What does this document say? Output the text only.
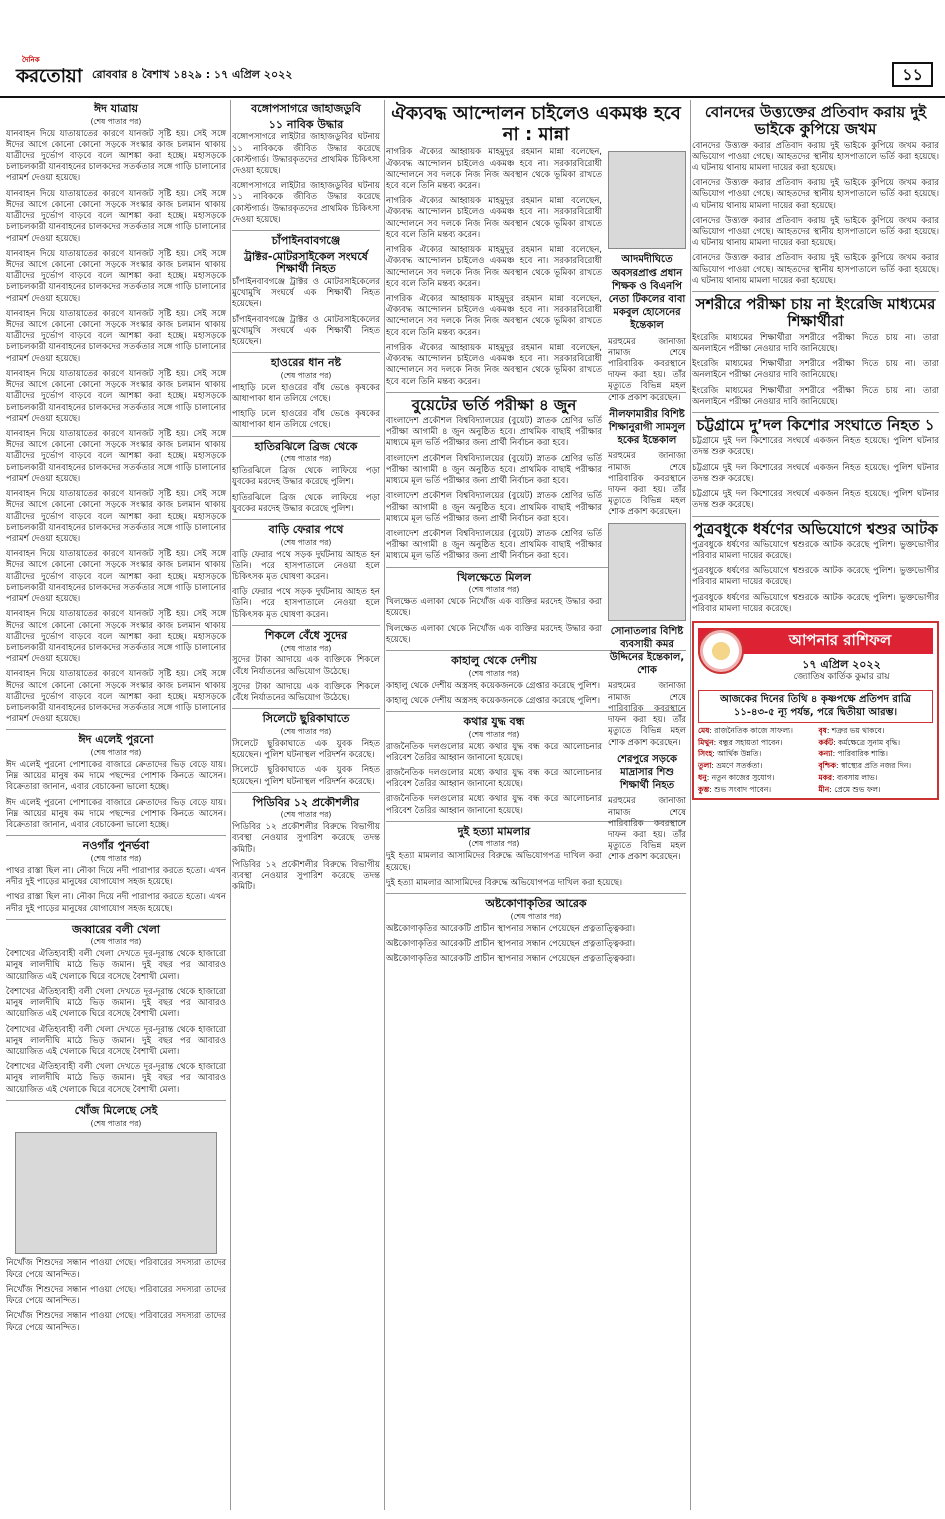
দৈনিক
করতোয়া রোববার ৪ বৈশাখ ১৪২৯ : ১৭ এপ্রিল ২০২২	১১
ঈদ যাত্রায়
(শেষ পাতার পর)

যানবাহন দিয়ে যাতায়াতের কারণে যানজট সৃষ্টি হয়। সেই সঙ্গে ঈদের আগে কোনো কোনো সড়কে সংস্কার কাজ চলমান থাকায় যাত্রীদের দুর্ভোগ বাড়বে বলে আশঙ্কা করা হচ্ছে। মহাসড়কে চলাচলকারী যানবাহনের চালকদের সতর্কতার সঙ্গে গাড়ি চালানোর পরামর্শ দেওয়া হয়েছে।

যানবাহন দিয়ে যাতায়াতের কারণে যানজট সৃষ্টি হয়। সেই সঙ্গে ঈদের আগে কোনো কোনো সড়কে সংস্কার কাজ চলমান থাকায় যাত্রীদের দুর্ভোগ বাড়বে বলে আশঙ্কা করা হচ্ছে। মহাসড়কে চলাচলকারী যানবাহনের চালকদের সতর্কতার সঙ্গে গাড়ি চালানোর পরামর্শ দেওয়া হয়েছে।

যানবাহন দিয়ে যাতায়াতের কারণে যানজট সৃষ্টি হয়। সেই সঙ্গে ঈদের আগে কোনো কোনো সড়কে সংস্কার কাজ চলমান থাকায় যাত্রীদের দুর্ভোগ বাড়বে বলে আশঙ্কা করা হচ্ছে। মহাসড়কে চলাচলকারী যানবাহনের চালকদের সতর্কতার সঙ্গে গাড়ি চালানোর পরামর্শ দেওয়া হয়েছে।

যানবাহন দিয়ে যাতায়াতের কারণে যানজট সৃষ্টি হয়। সেই সঙ্গে ঈদের আগে কোনো কোনো সড়কে সংস্কার কাজ চলমান থাকায় যাত্রীদের দুর্ভোগ বাড়বে বলে আশঙ্কা করা হচ্ছে। মহাসড়কে চলাচলকারী যানবাহনের চালকদের সতর্কতার সঙ্গে গাড়ি চালানোর পরামর্শ দেওয়া হয়েছে।

যানবাহন দিয়ে যাতায়াতের কারণে যানজট সৃষ্টি হয়। সেই সঙ্গে ঈদের আগে কোনো কোনো সড়কে সংস্কার কাজ চলমান থাকায় যাত্রীদের দুর্ভোগ বাড়বে বলে আশঙ্কা করা হচ্ছে। মহাসড়কে চলাচলকারী যানবাহনের চালকদের সতর্কতার সঙ্গে গাড়ি চালানোর পরামর্শ দেওয়া হয়েছে।

যানবাহন দিয়ে যাতায়াতের কারণে যানজট সৃষ্টি হয়। সেই সঙ্গে ঈদের আগে কোনো কোনো সড়কে সংস্কার কাজ চলমান থাকায় যাত্রীদের দুর্ভোগ বাড়বে বলে আশঙ্কা করা হচ্ছে। মহাসড়কে চলাচলকারী যানবাহনের চালকদের সতর্কতার সঙ্গে গাড়ি চালানোর পরামর্শ দেওয়া হয়েছে।

যানবাহন দিয়ে যাতায়াতের কারণে যানজট সৃষ্টি হয়। সেই সঙ্গে ঈদের আগে কোনো কোনো সড়কে সংস্কার কাজ চলমান থাকায় যাত্রীদের দুর্ভোগ বাড়বে বলে আশঙ্কা করা হচ্ছে। মহাসড়কে চলাচলকারী যানবাহনের চালকদের সতর্কতার সঙ্গে গাড়ি চালানোর পরামর্শ দেওয়া হয়েছে।

যানবাহন দিয়ে যাতায়াতের কারণে যানজট সৃষ্টি হয়। সেই সঙ্গে ঈদের আগে কোনো কোনো সড়কে সংস্কার কাজ চলমান থাকায় যাত্রীদের দুর্ভোগ বাড়বে বলে আশঙ্কা করা হচ্ছে। মহাসড়কে চলাচলকারী যানবাহনের চালকদের সতর্কতার সঙ্গে গাড়ি চালানোর পরামর্শ দেওয়া হয়েছে।

যানবাহন দিয়ে যাতায়াতের কারণে যানজট সৃষ্টি হয়। সেই সঙ্গে ঈদের আগে কোনো কোনো সড়কে সংস্কার কাজ চলমান থাকায় যাত্রীদের দুর্ভোগ বাড়বে বলে আশঙ্কা করা হচ্ছে। মহাসড়কে চলাচলকারী যানবাহনের চালকদের সতর্কতার সঙ্গে গাড়ি চালানোর পরামর্শ দেওয়া হয়েছে।

যানবাহন দিয়ে যাতায়াতের কারণে যানজট সৃষ্টি হয়। সেই সঙ্গে ঈদের আগে কোনো কোনো সড়কে সংস্কার কাজ চলমান থাকায় যাত্রীদের দুর্ভোগ বাড়বে বলে আশঙ্কা করা হচ্ছে। মহাসড়কে চলাচলকারী যানবাহনের চালকদের সতর্কতার সঙ্গে গাড়ি চালানোর পরামর্শ দেওয়া হয়েছে।

ঈদ এলেই পুরনো
(শেষ পাতার পর)

ঈদ এলেই পুরনো পোশাকের বাজারে ক্রেতাদের ভিড় বেড়ে যায়। নিম্ন আয়ের মানুষ কম দামে পছন্দের পোশাক কিনতে আসেন। বিক্রেতারা জানান, এবার বেচাকেনা ভালো হচ্ছে।

ঈদ এলেই পুরনো পোশাকের বাজারে ক্রেতাদের ভিড় বেড়ে যায়। নিম্ন আয়ের মানুষ কম দামে পছন্দের পোশাক কিনতে আসেন। বিক্রেতারা জানান, এবার বেচাকেনা ভালো হচ্ছে।

নওগাঁর পুনর্ভবা
(শেষ পাতার পর)

পাথর রাস্তা ছিল না। নৌকা দিয়ে নদী পারাপার করতে হতো। এখন নদীর দুই পাড়ের মানুষের যোগাযোগ সহজ হয়েছে।

পাথর রাস্তা ছিল না। নৌকা দিয়ে নদী পারাপার করতে হতো। এখন নদীর দুই পাড়ের মানুষের যোগাযোগ সহজ হয়েছে।

জব্বারের বলী খেলা
(শেষ পাতার পর)

বৈশাখের ঐতিহ্যবাহী বলী খেলা দেখতে দূর-দূরান্ত থেকে হাজারো মানুষ লালদীঘি মাঠে ভিড় জমান। দুই বছর পর আবারও আয়োজিত এই খেলাকে ঘিরে বসেছে বৈশাখী মেলা।

বৈশাখের ঐতিহ্যবাহী বলী খেলা দেখতে দূর-দূরান্ত থেকে হাজারো মানুষ লালদীঘি মাঠে ভিড় জমান। দুই বছর পর আবারও আয়োজিত এই খেলাকে ঘিরে বসেছে বৈশাখী মেলা।

বৈশাখের ঐতিহ্যবাহী বলী খেলা দেখতে দূর-দূরান্ত থেকে হাজারো মানুষ লালদীঘি মাঠে ভিড় জমান। দুই বছর পর আবারও আয়োজিত এই খেলাকে ঘিরে বসেছে বৈশাখী মেলা।

বৈশাখের ঐতিহ্যবাহী বলী খেলা দেখতে দূর-দূরান্ত থেকে হাজারো মানুষ লালদীঘি মাঠে ভিড় জমান। দুই বছর পর আবারও আয়োজিত এই খেলাকে ঘিরে বসেছে বৈশাখী মেলা।

খোঁজ মিলেছে সেই
(শেষ পাতার পর)

নিখোঁজ শিশুদের সন্ধান পাওয়া গেছে। পরিবারের সদস্যরা তাদের ফিরে পেয়ে আনন্দিত।

নিখোঁজ শিশুদের সন্ধান পাওয়া গেছে। পরিবারের সদস্যরা তাদের ফিরে পেয়ে আনন্দিত।

নিখোঁজ শিশুদের সন্ধান পাওয়া গেছে। পরিবারের সদস্যরা তাদের ফিরে পেয়ে আনন্দিত।

বঙ্গোপসাগরে জাহাজডুবি
১১ নাবিক উদ্ধার

বঙ্গোপসাগরে লাইটার জাহাজডুবির ঘটনায় ১১ নাবিককে জীবিত উদ্ধার করেছে কোস্টগার্ড। উদ্ধারকৃতদের প্রাথমিক চিকিৎসা দেওয়া হয়েছে।

বঙ্গোপসাগরে লাইটার জাহাজডুবির ঘটনায় ১১ নাবিককে জীবিত উদ্ধার করেছে কোস্টগার্ড। উদ্ধারকৃতদের প্রাথমিক চিকিৎসা দেওয়া হয়েছে।

চাঁপাইনবাবগঞ্জে
ট্রাক্টর-মোটরসাইকেল সংঘর্ষে শিক্ষার্থী নিহত

চাঁপাইনবাবগঞ্জে ট্রাক্টর ও মোটরসাইকেলের মুখোমুখি সংঘর্ষে এক শিক্ষার্থী নিহত হয়েছেন।

চাঁপাইনবাবগঞ্জে ট্রাক্টর ও মোটরসাইকেলের মুখোমুখি সংঘর্ষে এক শিক্ষার্থী নিহত হয়েছেন।

হাওরের ধান নষ্ট
(শেষ পাতার পর)

পাহাড়ি ঢলে হাওরের বাঁধ ভেঙে কৃষকের আধাপাকা ধান তলিয়ে গেছে।

পাহাড়ি ঢলে হাওরের বাঁধ ভেঙে কৃষকের আধাপাকা ধান তলিয়ে গেছে।

হাতিরঝিলে ব্রিজ থেকে
(শেষ পাতার পর)

হাতিরঝিলে ব্রিজ থেকে লাফিয়ে পড়া যুবকের মরদেহ উদ্ধার করেছে পুলিশ।

হাতিরঝিলে ব্রিজ থেকে লাফিয়ে পড়া যুবকের মরদেহ উদ্ধার করেছে পুলিশ।

বাড়ি ফেরার পথে
(শেষ পাতার পর)

বাড়ি ফেরার পথে সড়ক দুর্ঘটনায় আহত হন তিনি। পরে হাসপাতালে নেওয়া হলে চিকিৎসক মৃত ঘোষণা করেন।

বাড়ি ফেরার পথে সড়ক দুর্ঘটনায় আহত হন তিনি। পরে হাসপাতালে নেওয়া হলে চিকিৎসক মৃত ঘোষণা করেন।

শিকলে বেঁধে সুদের
(শেষ পাতার পর)

সুদের টাকা আদায়ে এক ব্যক্তিকে শিকলে বেঁধে নির্যাতনের অভিযোগ উঠেছে।

সুদের টাকা আদায়ে এক ব্যক্তিকে শিকলে বেঁধে নির্যাতনের অভিযোগ উঠেছে।

সিলেটে ছুরিকাঘাতে
(শেষ পাতার পর)

সিলেটে ছুরিকাঘাতে এক যুবক নিহত হয়েছেন। পুলিশ ঘটনাস্থল পরিদর্শন করেছে।

সিলেটে ছুরিকাঘাতে এক যুবক নিহত হয়েছেন। পুলিশ ঘটনাস্থল পরিদর্শন করেছে।

পিডিবির ১২ প্রকৌশলীর
(শেষ পাতার পর)

পিডিবির ১২ প্রকৌশলীর বিরুদ্ধে বিভাগীয় ব্যবস্থা নেওয়ার সুপারিশ করেছে তদন্ত কমিটি।

পিডিবির ১২ প্রকৌশলীর বিরুদ্ধে বিভাগীয় ব্যবস্থা নেওয়ার সুপারিশ করেছে তদন্ত কমিটি।

ঐক্যবদ্ধ আন্দোলন চাইলেও একমঞ্চ হবে না : মান্না
আদমদীঘিতে অবসরপ্রাপ্ত প্রধান শিক্ষক ও বিএনপি নেতা টিকলের বাবা মকবুল হোসেনের ইন্তেকাল

মরহুমের জানাজা নামাজ শেষে পারিবারিক কবরস্থানে দাফন করা হয়। তাঁর মৃত্যুতে বিভিন্ন মহল শোক প্রকাশ করেছেন।

নীলফামারীর বিশিষ্ট শিক্ষানুরাগী সামসুল হকের ইন্তেকাল

মরহুমের জানাজা নামাজ শেষে পারিবারিক কবরস্থানে দাফন করা হয়। তাঁর মৃত্যুতে বিভিন্ন মহল শোক প্রকাশ করেছেন।

সোনাতলার বিশিষ্ট ব্যবসায়ী কমর উদ্দিনের ইন্তেকাল, শোক

মরহুমের জানাজা নামাজ শেষে পারিবারিক কবরস্থানে দাফন করা হয়। তাঁর মৃত্যুতে বিভিন্ন মহল শোক প্রকাশ করেছেন।

শেরপুরে সড়কে মাদ্রাসার শিশু শিক্ষার্থী নিহত

মরহুমের জানাজা নামাজ শেষে পারিবারিক কবরস্থানে দাফন করা হয়। তাঁর মৃত্যুতে বিভিন্ন মহল শোক প্রকাশ করেছেন।

নাগরিক ঐক্যের আহ্বায়ক মাহমুদুর রহমান মান্না বলেছেন, ঐক্যবদ্ধ আন্দোলন চাইলেও একমঞ্চ হবে না। সরকারবিরোধী আন্দোলনে সব দলকে নিজ নিজ অবস্থান থেকে ভূমিকা রাখতে হবে বলে তিনি মন্তব্য করেন।

নাগরিক ঐক্যের আহ্বায়ক মাহমুদুর রহমান মান্না বলেছেন, ঐক্যবদ্ধ আন্দোলন চাইলেও একমঞ্চ হবে না। সরকারবিরোধী আন্দোলনে সব দলকে নিজ নিজ অবস্থান থেকে ভূমিকা রাখতে হবে বলে তিনি মন্তব্য করেন।

নাগরিক ঐক্যের আহ্বায়ক মাহমুদুর রহমান মান্না বলেছেন, ঐক্যবদ্ধ আন্দোলন চাইলেও একমঞ্চ হবে না। সরকারবিরোধী আন্দোলনে সব দলকে নিজ নিজ অবস্থান থেকে ভূমিকা রাখতে হবে বলে তিনি মন্তব্য করেন।

নাগরিক ঐক্যের আহ্বায়ক মাহমুদুর রহমান মান্না বলেছেন, ঐক্যবদ্ধ আন্দোলন চাইলেও একমঞ্চ হবে না। সরকারবিরোধী আন্দোলনে সব দলকে নিজ নিজ অবস্থান থেকে ভূমিকা রাখতে হবে বলে তিনি মন্তব্য করেন।

নাগরিক ঐক্যের আহ্বায়ক মাহমুদুর রহমান মান্না বলেছেন, ঐক্যবদ্ধ আন্দোলন চাইলেও একমঞ্চ হবে না। সরকারবিরোধী আন্দোলনে সব দলকে নিজ নিজ অবস্থান থেকে ভূমিকা রাখতে হবে বলে তিনি মন্তব্য করেন।

বুয়েটের ভর্তি পরীক্ষা ৪ জুন

বাংলাদেশ প্রকৌশল বিশ্ববিদ্যালয়ের (বুয়েট) স্নাতক শ্রেণির ভর্তি পরীক্ষা আগামী ৪ জুন অনুষ্ঠিত হবে। প্রাথমিক বাছাই পরীক্ষার মাধ্যমে মূল ভর্তি পরীক্ষার জন্য প্রার্থী নির্বাচন করা হবে।

বাংলাদেশ প্রকৌশল বিশ্ববিদ্যালয়ের (বুয়েট) স্নাতক শ্রেণির ভর্তি পরীক্ষা আগামী ৪ জুন অনুষ্ঠিত হবে। প্রাথমিক বাছাই পরীক্ষার মাধ্যমে মূল ভর্তি পরীক্ষার জন্য প্রার্থী নির্বাচন করা হবে।

বাংলাদেশ প্রকৌশল বিশ্ববিদ্যালয়ের (বুয়েট) স্নাতক শ্রেণির ভর্তি পরীক্ষা আগামী ৪ জুন অনুষ্ঠিত হবে। প্রাথমিক বাছাই পরীক্ষার মাধ্যমে মূল ভর্তি পরীক্ষার জন্য প্রার্থী নির্বাচন করা হবে।

বাংলাদেশ প্রকৌশল বিশ্ববিদ্যালয়ের (বুয়েট) স্নাতক শ্রেণির ভর্তি পরীক্ষা আগামী ৪ জুন অনুষ্ঠিত হবে। প্রাথমিক বাছাই পরীক্ষার মাধ্যমে মূল ভর্তি পরীক্ষার জন্য প্রার্থী নির্বাচন করা হবে।

খিলক্ষেতে মিলল
(শেষ পাতার পর)

খিলক্ষেত এলাকা থেকে নিখোঁজ এক ব্যক্তির মরদেহ উদ্ধার করা হয়েছে।

খিলক্ষেত এলাকা থেকে নিখোঁজ এক ব্যক্তির মরদেহ উদ্ধার করা হয়েছে।

কাহালু থেকে দেশীয়
(শেষ পাতার পর)

কাহালু থেকে দেশীয় অস্ত্রসহ কয়েকজনকে গ্রেপ্তার করেছে পুলিশ।

কাহালু থেকে দেশীয় অস্ত্রসহ কয়েকজনকে গ্রেপ্তার করেছে পুলিশ।

কথার যুদ্ধ বন্ধ
(শেষ পাতার পর)

রাজনৈতিক দলগুলোর মধ্যে কথার যুদ্ধ বন্ধ করে আলোচনার পরিবেশ তৈরির আহ্বান জানানো হয়েছে।

রাজনৈতিক দলগুলোর মধ্যে কথার যুদ্ধ বন্ধ করে আলোচনার পরিবেশ তৈরির আহ্বান জানানো হয়েছে।

রাজনৈতিক দলগুলোর মধ্যে কথার যুদ্ধ বন্ধ করে আলোচনার পরিবেশ তৈরির আহ্বান জানানো হয়েছে।

দুই হত্যা মামলার
(শেষ পাতার পর)

দুই হত্যা মামলার আসামিদের বিরুদ্ধে অভিযোগপত্র দাখিল করা হয়েছে।

দুই হত্যা মামলার আসামিদের বিরুদ্ধে অভিযোগপত্র দাখিল করা হয়েছে।

অষ্টকোণাকৃতির আরেক
(শেষ পাতার পর)

অষ্টকোণাকৃতির আরেকটি প্রাচীন স্থাপনার সন্ধান পেয়েছেন প্রত্নতাত্ত্বিকরা।

অষ্টকোণাকৃতির আরেকটি প্রাচীন স্থাপনার সন্ধান পেয়েছেন প্রত্নতাত্ত্বিকরা।

অষ্টকোণাকৃতির আরেকটি প্রাচীন স্থাপনার সন্ধান পেয়েছেন প্রত্নতাত্ত্বিকরা।

বোনদের উত্ত্যক্তের প্রতিবাদ করায় দুই ভাইকে কুপিয়ে জখম

বোনদের উত্ত্যক্ত করার প্রতিবাদ করায় দুই ভাইকে কুপিয়ে জখম করার অভিযোগ পাওয়া গেছে। আহতদের স্থানীয় হাসপাতালে ভর্তি করা হয়েছে। এ ঘটনায় থানায় মামলা দায়ের করা হয়েছে।

বোনদের উত্ত্যক্ত করার প্রতিবাদ করায় দুই ভাইকে কুপিয়ে জখম করার অভিযোগ পাওয়া গেছে। আহতদের স্থানীয় হাসপাতালে ভর্তি করা হয়েছে। এ ঘটনায় থানায় মামলা দায়ের করা হয়েছে।

বোনদের উত্ত্যক্ত করার প্রতিবাদ করায় দুই ভাইকে কুপিয়ে জখম করার অভিযোগ পাওয়া গেছে। আহতদের স্থানীয় হাসপাতালে ভর্তি করা হয়েছে। এ ঘটনায় থানায় মামলা দায়ের করা হয়েছে।

বোনদের উত্ত্যক্ত করার প্রতিবাদ করায় দুই ভাইকে কুপিয়ে জখম করার অভিযোগ পাওয়া গেছে। আহতদের স্থানীয় হাসপাতালে ভর্তি করা হয়েছে। এ ঘটনায় থানায় মামলা দায়ের করা হয়েছে।

সশরীরে পরীক্ষা চায় না ইংরেজি মাধ্যমের শিক্ষার্থীরা

ইংরেজি মাধ্যমের শিক্ষার্থীরা সশরীরে পরীক্ষা দিতে চায় না। তারা অনলাইনে পরীক্ষা নেওয়ার দাবি জানিয়েছে।

ইংরেজি মাধ্যমের শিক্ষার্থীরা সশরীরে পরীক্ষা দিতে চায় না। তারা অনলাইনে পরীক্ষা নেওয়ার দাবি জানিয়েছে।

ইংরেজি মাধ্যমের শিক্ষার্থীরা সশরীরে পরীক্ষা দিতে চায় না। তারা অনলাইনে পরীক্ষা নেওয়ার দাবি জানিয়েছে।

চট্টগ্রামে দু’দল কিশোর সংঘাতে নিহত ১

চট্টগ্রামে দুই দল কিশোরের সংঘর্ষে একজন নিহত হয়েছে। পুলিশ ঘটনার তদন্ত শুরু করেছে।

চট্টগ্রামে দুই দল কিশোরের সংঘর্ষে একজন নিহত হয়েছে। পুলিশ ঘটনার তদন্ত শুরু করেছে।

চট্টগ্রামে দুই দল কিশোরের সংঘর্ষে একজন নিহত হয়েছে। পুলিশ ঘটনার তদন্ত শুরু করেছে।

পুত্রবধুকে ধর্ষণের অভিযোগে শ্বশুর আটক

পুত্রবধুকে ধর্ষণের অভিযোগে শ্বশুরকে আটক করেছে পুলিশ। ভুক্তভোগীর পরিবার মামলা দায়ের করেছে।

পুত্রবধুকে ধর্ষণের অভিযোগে শ্বশুরকে আটক করেছে পুলিশ। ভুক্তভোগীর পরিবার মামলা দায়ের করেছে।

পুত্রবধুকে ধর্ষণের অভিযোগে শ্বশুরকে আটক করেছে পুলিশ। ভুক্তভোগীর পরিবার মামলা দায়ের করেছে।

আপনার রাশিফল
১৭ এপ্রিল ২০২২
জ্যোতিষ কার্তিক কুমার রায়
আজকের দিনের তিথি ৪ কৃষ্ণপক্ষে প্রতিপদ রাত্রি ১১-৪৩-৫ ন্যূ পর্যন্ত, পরে দ্বিতীয়া আরম্ভ।
মেষ: রাজনৈতিক কাজে সাফল্য।	বৃষ: শত্রুর ভয় থাকবে।
মিথুন: বন্ধুর সহায়তা পাবেন।	কর্কট: কর্মক্ষেত্রে সুনাম বৃদ্ধি।
সিংহ: আর্থিক উন্নতি।	কন্যা: পারিবারিক শান্তি।
তুলা: ভ্রমণে সতর্কতা।	বৃশ্চিক: স্বাস্থ্যের প্রতি নজর দিন।
ধনু: নতুন কাজের সুযোগ।	মকর: ব্যবসায় লাভ।
কুম্ভ: শুভ সংবাদ পাবেন।	মীন: প্রেমে শুভ ফল।
